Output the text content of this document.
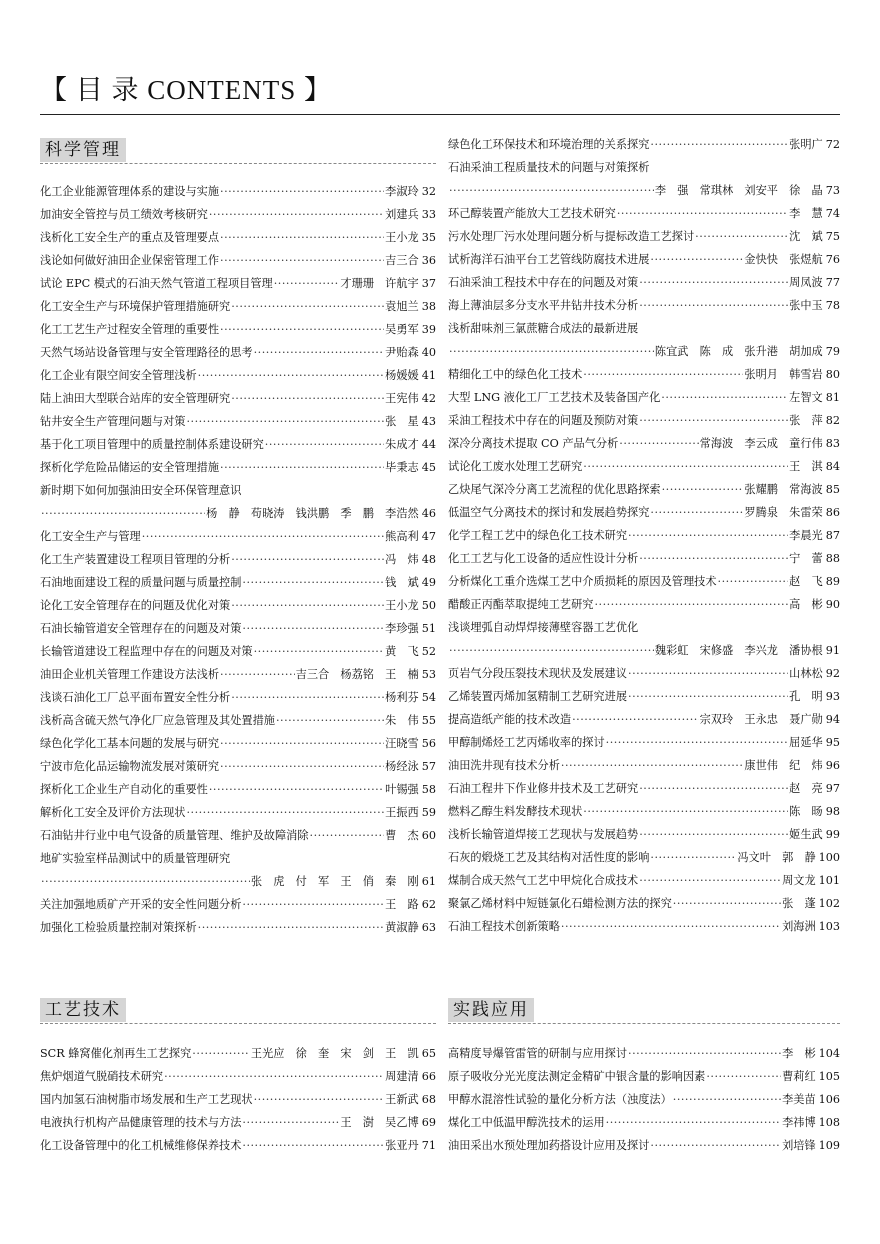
【 目 录 CONTENTS 】
科学管理
工艺技术	实践应用
化工企业能源管理体系的建设与实施 ·····	李淑玲 32
加油安全管控与员工绩效考核研究 ·····	刘建兵 33
浅析化工安全生产的重点及管理要点 ·····	王小龙 35
浅论如何做好油田企业保密管理工作 ·····	吉三合 36
试论 EPC 模式的石油天然气管道工程项目管理 ·····	才珊珊　许航宇 37
化工安全生产与环境保护管理措施研究 ·····	袁旭兰 38
化工工艺生产过程安全管理的重要性 ·····	吴勇军 39
天然气场站设备管理与安全管理路径的思考 ·····	尹贻森 40
化工企业有限空间安全管理浅析 ·····	杨媛媛 41
陆上油田大型联合站库的安全管理研究 ·····	王宪伟 42
钻井安全生产管理问题与对策 ·····	张　星 43
基于化工项目管理中的质量控制体系建设研究 ·····	朱成才 44
探析化学危险品储运的安全管理措施 ·····	毕秉志 45
新时期下如何加强油田安全环保管理意识
·····
杨　静　苟晓涛　钱洪鹏　季　鹏　李浩然 46
化工安全生产与管理 ·····	熊高利 47
化工生产装置建设工程项目管理的分析 ·····	冯　炜 48
石油地面建设工程的质量问题与质量控制 ·····	钱　斌 49
论化工安全管理存在的问题及优化对策 ·····	王小龙 50
石油长输管道安全管理存在的问题及对策 ·····	李珍强 51
长输管道建设工程监理中存在的问题及对策 ·····	黄　飞 52
油田企业机关管理工作建设方法浅析 ·····	吉三合　杨荔铭　王　楠 53
浅谈石油化工厂总平面布置安全性分析 ·····	杨利芬 54
浅析高含硫天然气净化厂应急管理及其处置措施 ·····	朱　伟 55
绿色化学化工基本问题的发展与研究 ·····	汪晓雪 56
宁波市危化品运输物流发展对策研究 ·····	杨经泳 57
探析化工企业生产自动化的重要性 ·····	叶锡强 58
解析化工安全及评价方法现状 ·····	王振西 59
石油钻井行业中电气设备的质量管理、维护及故障消除 ·····	曹　杰 60
地矿实验室样品测试中的质量管理研究
·····
张　虎　付　军　王　俏　秦　刚 61
关注加强地质矿产开采的安全性问题分析 ·····	王　路 62
加强化工检验质量控制对策探析 ·····	黄淑静 63
绿色化工环保技术和环境治理的关系探究 ·····	张明广 72
石油采油工程质量技术的问题与对策探析
·····
李　强　常琪林　刘安平　徐　晶 73
环己醇装置产能放大工艺技术研究 ·····	李　慧 74
污水处理厂污水处理问题分析与提标改造工艺探讨 ·····	沈　斌 75
试析海洋石油平台工艺管线防腐技术进展 ·····	金快快　张煜航 76
石油采油工程技术中存在的问题及对策 ·····	周凤波 77
海上薄油层多分支水平井钻井技术分析 ·····	张中玉 78
浅析甜味剂三氯蔗糖合成法的最新进展
·····
陈宜武　陈　成　张升港　胡加成 79
精细化工中的绿色化工技术 ·····	张明月　韩雪岩 80
大型 LNG 液化工厂工艺技术及装备国产化 ·····	左智文 81
采油工程技术中存在的问题及预防对策 ·····	张　萍 82
深冷分离技术提取 CO 产品气分析 ·····	常海波　李云成　童行伟 83
试论化工废水处理工艺研究 ·····	王　淇 84
乙炔尾气深冷分离工艺流程的优化思路探索 ·····	张耀鹏　常海波 85
低温空气分离技术的探讨和发展趋势探究 ·····	罗腾泉　朱雷荣 86
化学工程工艺中的绿色化工技术研究 ·····	李晨光 87
化工工艺与化工设备的适应性设计分析 ·····	宁　蕾 88
分析煤化工重介选煤工艺中介质损耗的原因及管理技术 ·····	赵　飞 89
醋酸正丙酯萃取提纯工艺研究 ·····	高　彬 90
浅谈埋弧自动焊焊接薄壁容器工艺优化
·····
魏彩虹　宋修盛　李兴龙　潘协根 91
页岩气分段压裂技术现状及发展建议 ·····	山林松 92
乙烯装置丙烯加氢精制工艺研究进展 ·····	孔　明 93
提高造纸产能的技术改造 ·····	宗双玲　王永忠　聂广勋 94
甲醇制烯烃工艺丙烯收率的探讨 ·····	屈延华 95
油田洗井现有技术分析 ·····	康世伟　纪　炜 96
石油工程井下作业修井技术及工艺研究 ·····	赵　亮 97
燃料乙醇生料发酵技术现状 ·····	陈　旸 98
浅析长输管道焊接工艺现状与发展趋势 ·····	姬生武 99
石灰的煅烧工艺及其结构对活性度的影响 ·····	冯文叶　郭　静 100
煤制合成天然气工艺中甲烷化合成技术 ·····	周文龙 101
聚氯乙烯材料中短链氯化石蜡检测方法的探究 ·····	张　蓬 102
石油工程技术创新策略 ·····	刘海洲 103
SCR 蜂窝催化剂再生工艺探究 ·····	王光应　徐　奎　宋　剑　王　凯 65
焦炉烟道气脱硝技术研究 ·····	周建清 66
国内加氢石油树脂市场发展和生产工艺现状 ·····	王新武 68
电液执行机构产品健康管理的技术与方法 ·····	王　澍　吴乙博 69
化工设备管理中的化工机械维修保养技术 ·····	张亚丹 71
高精度导爆管雷管的研制与应用探讨 ·····	李　彬 104
原子吸收分光光度法测定金精矿中银含量的影响因素 ·····	曹莉红 105
甲醇水混溶性试验的量化分析方法（浊度法） ·····	李美苗 106
煤化工中低温甲醇洗技术的运用 ·····	李祎博 108
油田采出水预处理加药搭设计应用及探讨 ·····	刘培锋 109
